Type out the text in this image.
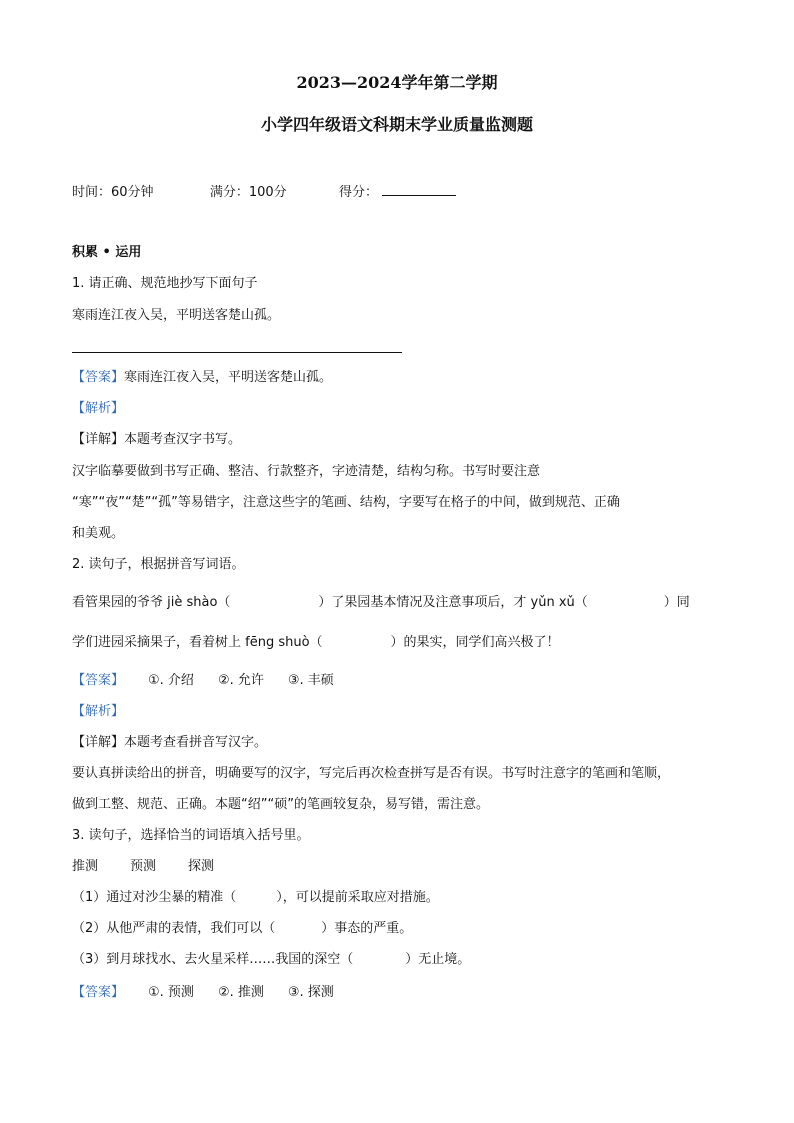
2023—2024学年第二学期
小学四年级语文科期末学业质量监测题
时间：60分钟	满分：100分	得分：
积累 • 运用
1. 请正确、规范地抄写下面句子
寒雨连江夜入吴，平明送客楚山孤。
【答案】寒雨连江夜入吴，平明送客楚山孤。
【解析】
【详解】本题考查汉字书写。
汉字临摹要做到书写正确、整洁、行款整齐，字迹清楚，结构匀称。书写时要注意
“寒”“夜”“楚”“孤”等易错字，注意这些字的笔画、结构，字要写在格子的中间，做到规范、正确
和美观。
2. 读句子，根据拼音写词语。
看管果园的爷爷 jiè shào（	）了果园基本情况及注意事项后，才 yǔn xǔ（	）同
学们进园采摘果子，看着树上 fēng shuò（	）的果实，同学们高兴极了！
【答案】 ①. 介绍 ②. 允许 ③. 丰硕
【解析】
【详解】本题考查看拼音写汉字。
要认真拼读给出的拼音，明确要写的汉字，写完后再次检查拼写是否有误。书写时注意字的笔画和笔顺，
做到工整、规范、正确。本题“绍”“硕”的笔画较复杂，易写错，需注意。
3. 读句子，选择恰当的词语填入括号里。
推测 预测 探测
（1）通过对沙尘暴的精准（	），可以提前采取应对措施。
（2）从他严肃的表情，我们可以（	）事态的严重。
（3）到月球找水、去火星采样……我国的深空（	）无止境。
【答案】 ①. 预测 ②. 推测 ③. 探测
